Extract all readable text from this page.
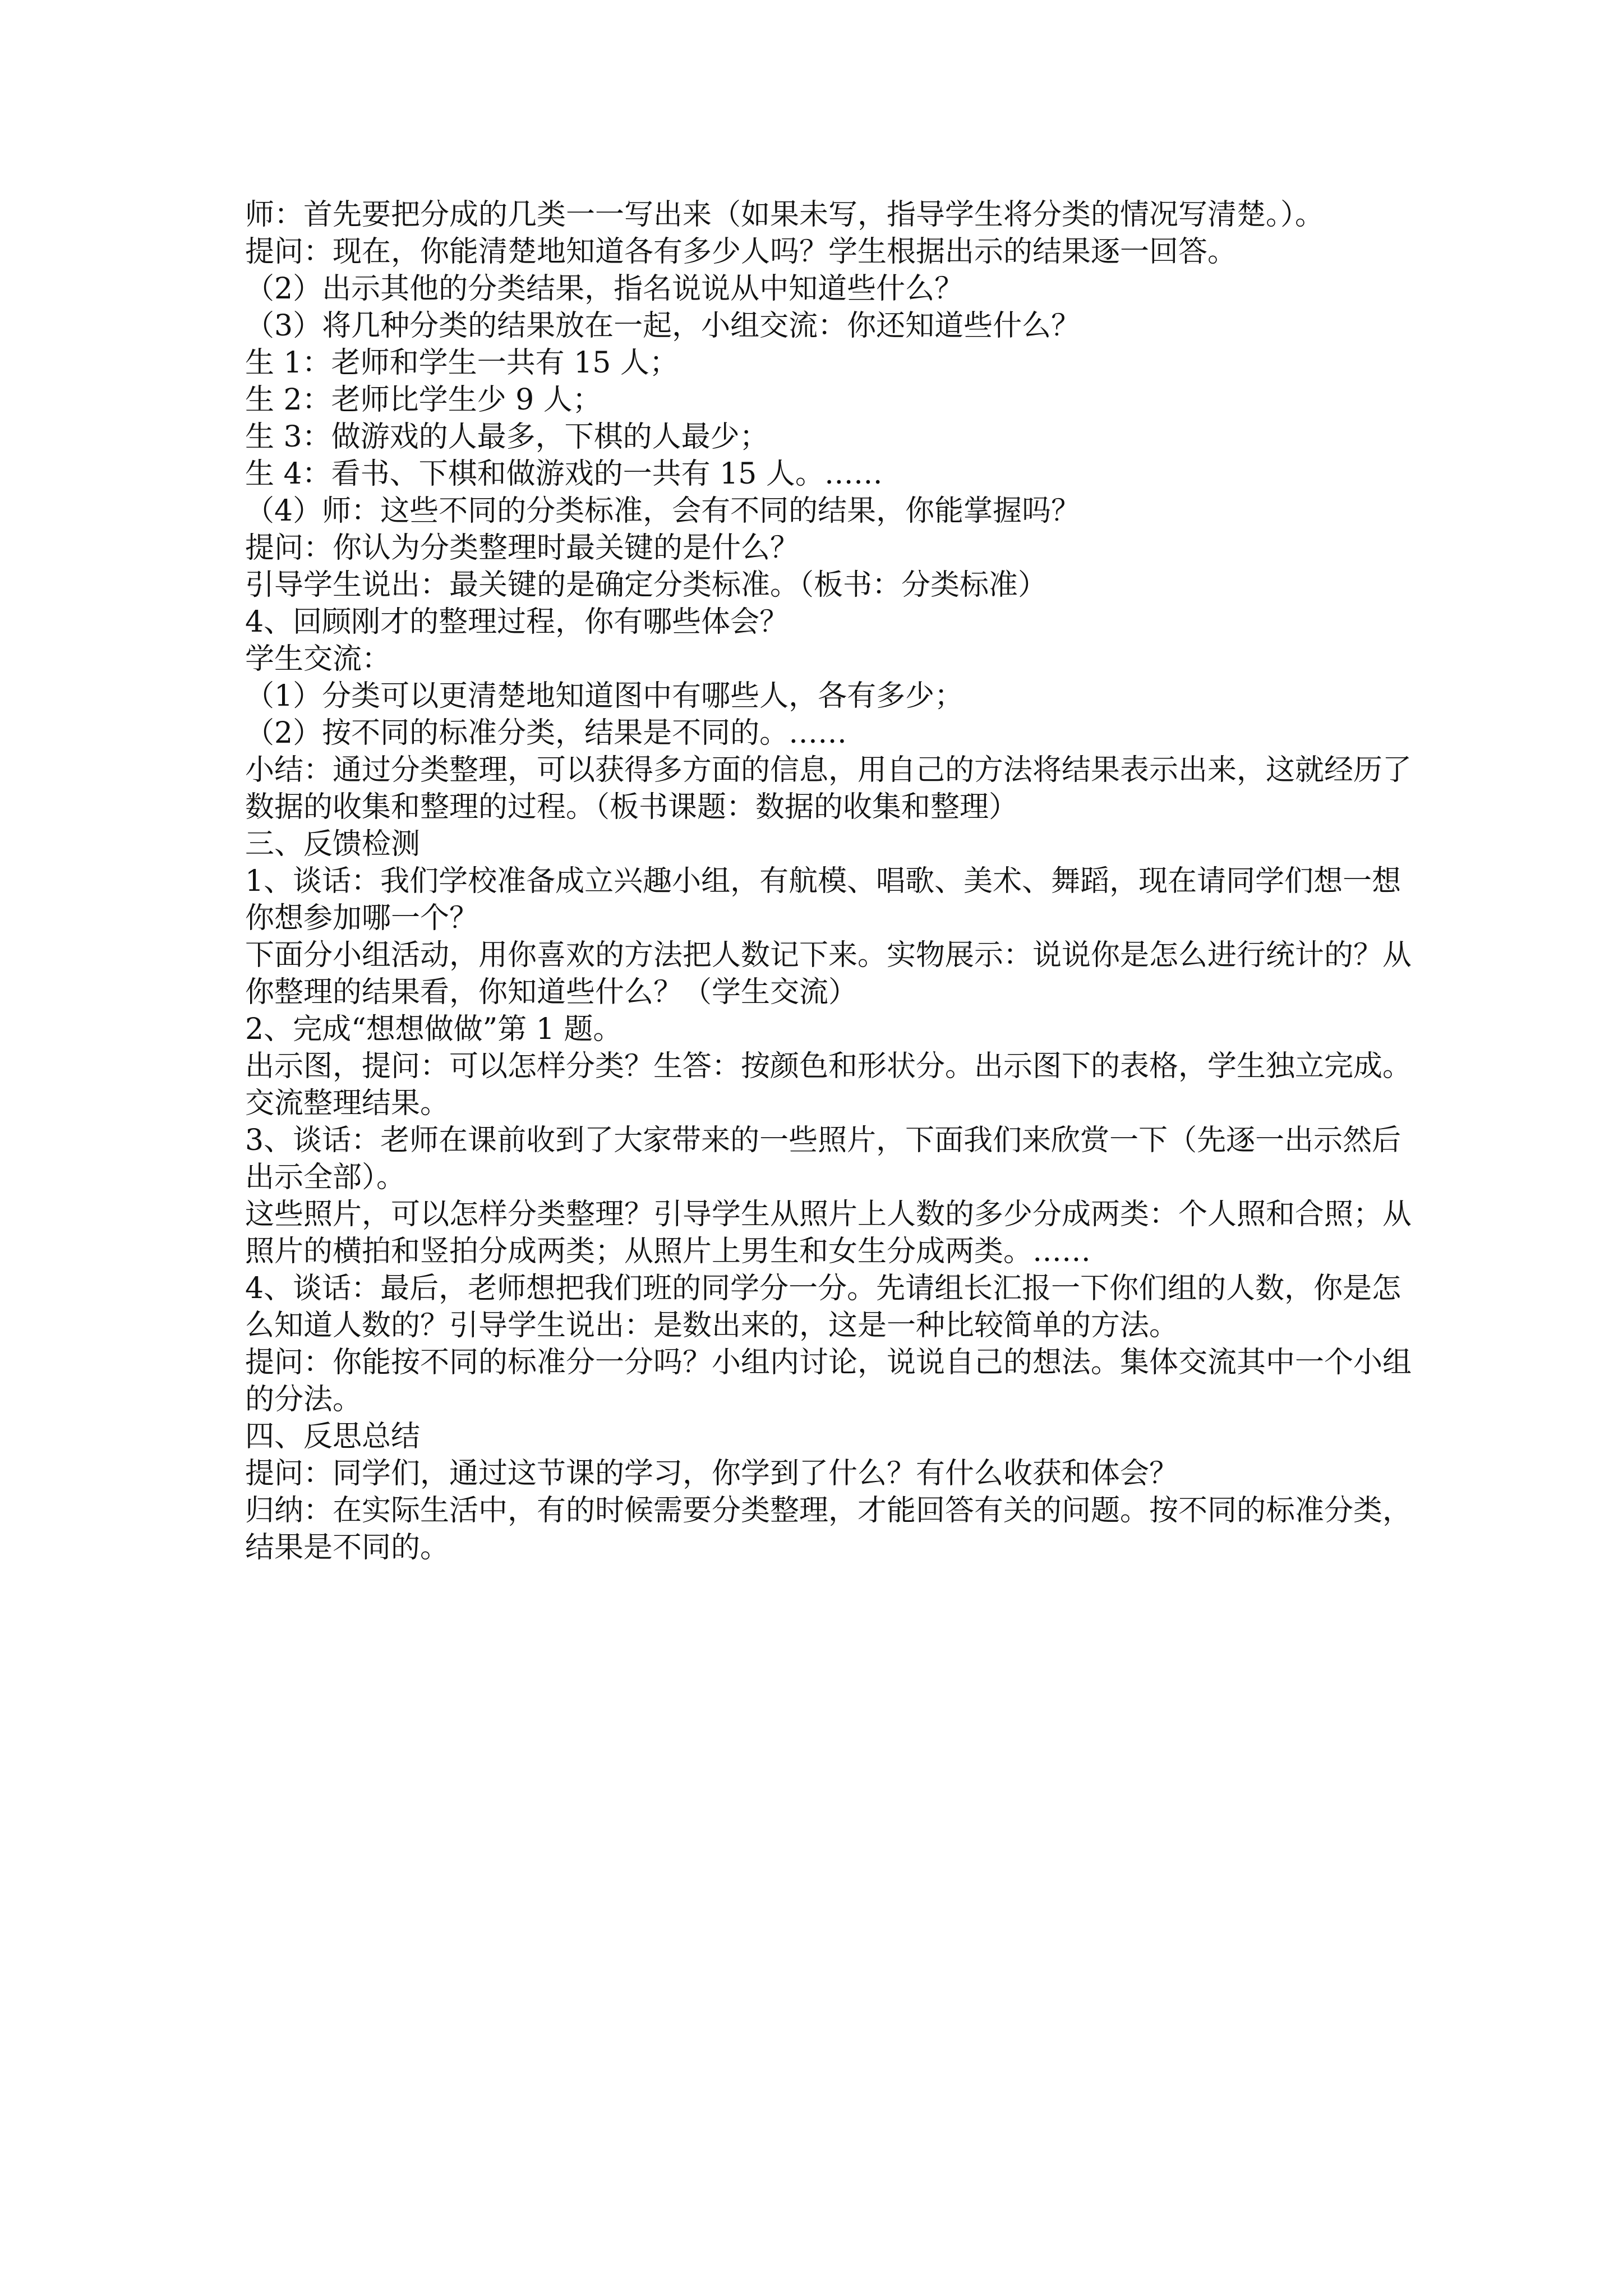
师：首先要把分成的几类一一写出来（如果未写，指导学生将分类的情况写清楚。）。
提问：现在，你能清楚地知道各有多少人吗？学生根据出示的结果逐一回答。
（2）出示其他的分类结果，指名说说从中知道些什么？
（3）将几种分类的结果放在一起，小组交流：你还知道些什么？
生 1：老师和学生一共有 15 人；
生 2：老师比学生少 9 人；
生 3：做游戏的人最多，下棋的人最少；
生 4：看书、下棋和做游戏的一共有 15 人。……
（4）师：这些不同的分类标准，会有不同的结果，你能掌握吗？
提问：你认为分类整理时最关键的是什么？
引导学生说出：最关键的是确定分类标准。（板书：分类标准）
4、回顾刚才的整理过程，你有哪些体会？
学生交流：
（1）分类可以更清楚地知道图中有哪些人，各有多少；
（2）按不同的标准分类，结果是不同的。……
小结：通过分类整理，可以获得多方面的信息，用自己的方法将结果表示出来，这就经历了
数据的收集和整理的过程。（板书课题：数据的收集和整理）
三、反馈检测
1、谈话：我们学校准备成立兴趣小组，有航模、唱歌、美术、舞蹈，现在请同学们想一想
你想参加哪一个？
下面分小组活动，用你喜欢的方法把人数记下来。实物展示：说说你是怎么进行统计的？从
你整理的结果看，你知道些什么？（学生交流）
2、完成“想想做做”第 1 题。
出示图，提问：可以怎样分类？生答：按颜色和形状分。出示图下的表格，学生独立完成。
交流整理结果。
3、谈话：老师在课前收到了大家带来的一些照片，下面我们来欣赏一下（先逐一出示然后
出示全部）。
这些照片，可以怎样分类整理？引导学生从照片上人数的多少分成两类：个人照和合照；从
照片的横拍和竖拍分成两类；从照片上男生和女生分成两类。……
4、谈话：最后，老师想把我们班的同学分一分。先请组长汇报一下你们组的人数，你是怎
么知道人数的？引导学生说出：是数出来的，这是一种比较简单的方法。
提问：你能按不同的标准分一分吗？小组内讨论，说说自己的想法。集体交流其中一个小组
的分法。
四、反思总结
提问：同学们，通过这节课的学习，你学到了什么？有什么收获和体会？
归纳：在实际生活中，有的时候需要分类整理，才能回答有关的问题。按不同的标准分类，
结果是不同的。
